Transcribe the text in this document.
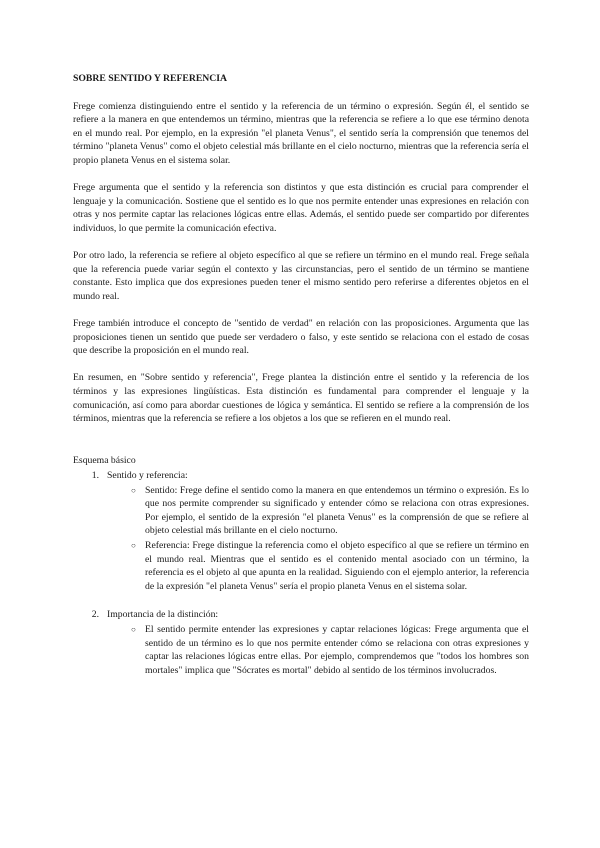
SOBRE SENTIDO Y REFERENCIA

Frege comienza distinguiendo entre el sentido y la referencia de un término o expresión. Según él, el sentido se refiere a la manera en que entendemos un término, mientras que la referencia se refiere a lo que ese término denota en el mundo real. Por ejemplo, en la expresión "el planeta Venus", el sentido sería la comprensión que tenemos del término "planeta Venus" como el objeto celestial más brillante en el cielo nocturno, mientras que la referencia sería el propio planeta Venus en el sistema solar.

Frege argumenta que el sentido y la referencia son distintos y que esta distinción es crucial para comprender el lenguaje y la comunicación. Sostiene que el sentido es lo que nos permite entender unas expresiones en relación con otras y nos permite captar las relaciones lógicas entre ellas. Además, el sentido puede ser compartido por diferentes individuos, lo que permite la comunicación efectiva.

Por otro lado, la referencia se refiere al objeto específico al que se refiere un término en el mundo real. Frege señala que la referencia puede variar según el contexto y las circunstancias, pero el sentido de un término se mantiene constante. Esto implica que dos expresiones pueden tener el mismo sentido pero referirse a diferentes objetos en el mundo real.

Frege también introduce el concepto de "sentido de verdad" en relación con las proposiciones. Argumenta que las proposiciones tienen un sentido que puede ser verdadero o falso, y este sentido se relaciona con el estado de cosas que describe la proposición en el mundo real.

En resumen, en "Sobre sentido y referencia", Frege plantea la distinción entre el sentido y la referencia de los términos y las expresiones lingüísticas. Esta distinción es fundamental para comprender el lenguaje y la comunicación, así como para abordar cuestiones de lógica y semántica. El sentido se refiere a la comprensión de los términos, mientras que la referencia se refiere a los objetos a los que se refieren en el mundo real.

Esquema básico
1. Sentido y referencia:
○ Sentido: Frege define el sentido como la manera en que entendemos un término o expresión. Es lo que nos permite comprender su significado y entender cómo se relaciona con otras expresiones. Por ejemplo, el sentido de la expresión "el planeta Venus" es la comprensión de que se refiere al objeto celestial más brillante en el cielo nocturno.
○ Referencia: Frege distingue la referencia como el objeto específico al que se refiere un término en el mundo real. Mientras que el sentido es el contenido mental asociado con un término, la referencia es el objeto al que apunta en la realidad. Siguiendo con el ejemplo anterior, la referencia de la expresión "el planeta Venus" sería el propio planeta Venus en el sistema solar.
2. Importancia de la distinción:
○ El sentido permite entender las expresiones y captar relaciones lógicas: Frege argumenta que el sentido de un término es lo que nos permite entender cómo se relaciona con otras expresiones y captar las relaciones lógicas entre ellas. Por ejemplo, comprendemos que "todos los hombres son mortales" implica que "Sócrates es mortal" debido al sentido de los términos involucrados.
